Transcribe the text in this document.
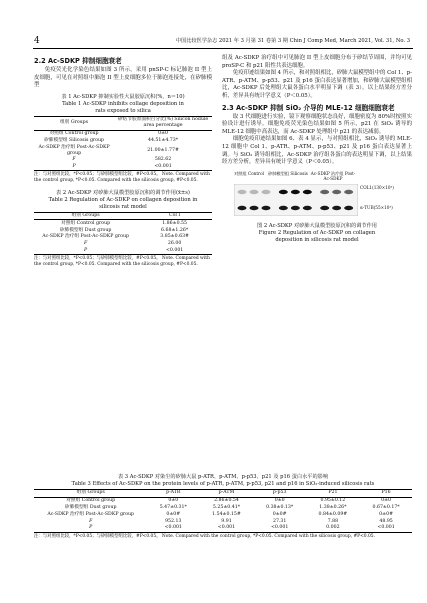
4	中国比较医学杂志 2021 年 3 月第 31 卷第 3 期 Chin J Comp Med, March 2021, Vol. 31, No. 3
2.2 Ac-SDKP 抑制细胞衰老

免疫荧光化学染色结果如图 3 所示，采用 pnSP-C 标记肺泡 II 型上皮细胞，可见在对照组中肺泡 II 型上皮细胞多位于肺泡连接处，在矽肺模型

表 1 Ac-SDKP 抑制实验性大鼠胶原沉积(%，n＝10)
Table 1 Ac-SDKP inhibits collage deposition in
rats exposed to silica
组别 Groups	矽结节胶原面积百分比(%) Silicon nodule area percentage
对照组 Control group	0±0
矽肺模型组 Silicosis group	44.51±4.73*
Ac-SDKP 治疗组 Post-Ac-SDKP group	21.00±1.77#
F	582.62
P	<0.001
注：与对照组比较，*P<0.05；与矽肺模型组比较，#P<0.05。 Note. Compared with the control group, *P<0.05. Compared with the silicosis group, #P<0.05.
表 2 Ac-SDKP 对矽肺大鼠模型胶原沉积的调节作用(x̄±s)
Table 2 Regulation of Ac-SDKP on collagen deposition in silicosis rat model
组别 Groups	Col I
对照组 Control group	1.86±0.55
矽肺模型组 Dust group	6.68±1.26*
Ac-SDKP 治疗组 Post-Ac-SDKP group	3.85±0.63#
F	26.00
P	<0.001
注：与对照组比较，*P<0.05；与矽肺模型组比较，#P<0.05。 Note. Compared with the control group, *P<0.05. Compared with the silicosis group, #P<0.05.

组及 Ac-SDKP 治疗组中可见肺泡 II 型上皮细胞分布于矽结节周围，并均可见 proSP-C 和 p21 阳性共表达细胞。

免疫印迹结果如图 4 所示，和对照组相比，矽肺大鼠模型组中的 Col 1、p-ATR、p-ATM、p-p53、p21 及 p16 蛋白表达显著增加，和矽肺大鼠模型组相比，Ac-SDKP 后处理组大鼠各蛋白水平明显下调（表 3）。以上结果经方差分析，差异具有统计学意义（P＜0.05）。

2.3 Ac-SDKP 抑制 SiO₂ 介导的 MLE-12 细胞细胞衰老

取 3 代细胞进行实验，镜下观察细胞状态良好，细胞密度为 80%时按照实验设计进行诱导。细胞免疫荧光染色结果如图 5 所示，p21 在 SiO₂ 诱导的 MLE-12 细胞中高表达，而 Ac-SDKP 处理组中 p21 的表达减弱。

细胞免疫印迹结果如图 6、表 4 显示，与对照组相比，SiO₂ 诱导的 MLE-12 细胞中 Col 1、p-ATR、p-ATM、p-p53、p21 及 p16 蛋白表达显著上调。与 SiO₂ 诱导组相比，Ac-SDKP 治疗组各蛋白的表达明显下调，以上结果经方差分析，差异具有统计学意义（P＜0.05）。

对照组 Control 矽肺模型组 Silicosis Ac-SDKP 治疗组 Post-Ac-SDKP
COL1(130×10³)
α-TUB(55×10³)
图 2 Ac-SDKP 对矽肺大鼠模型胶原沉积的调节作用
Figure 2 Regulation of Ac-SDKP on collagen
deposition in silicosis rat model
表 3 Ac-SDKP 对染尘的矽肺大鼠 p-ATR、p-ATM、p-p53、p21 及 p16 蛋白水平的影响
Table 3 Effects of Ac-SDKP on the protein levels of p-ATR, p-ATM, p-p53, p21 and p16 in SiO₂-induced silicosis rats
组别 Groups	p-ATR	p-ATM	p-p53	P21	P16
对照组 Control group	0±0	2.86±0.54	0±0	0.95±0.12	0±0
矽肺模型组 Dust group	5.47±0.31*	5.25±0.41*	0.38±0.13*	1.38±0.26*	0.67±0.17*
Ac-SDKP 治疗组 Post-Ac-SDKP group	0±0#	1.54±0.15#	0±0#	0.84±0.09#	0±0#
F	952.13	9.91	27.31	7.88	48.95
P	<0.001	<0.001	<0.001	0.002	<0.001
注：与对照组比较，*P<0.05；与矽肺模型组比较，#P<0.05。 Note. Compared with the control group, *P<0.05. Compared with the silicosis group, #P<0.05.
